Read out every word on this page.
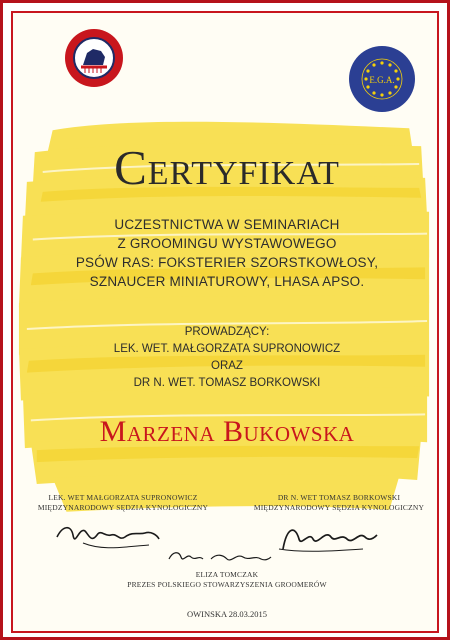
E.G.A.
Certyfikat
UCZESTNICTWA W SEMINARIACH
Z GROOMINGU WYSTAWOWEGO
PSÓW RAS: FOKSTERIER SZORSTKOWŁOSY,
SZNAUCER MINIATUROWY, LHASA APSO.
PROWADZĄCY:
LEK. WET. MAŁGORZATA SUPRONOWICZ
ORAZ
DR N. WET. TOMASZ BORKOWSKI
Marzena Bukowska
LEK. WET MAŁGORZATA SUPRONOWICZ
MIĘDZYNARODOWY SĘDZIA KYNOLOGICZNY
DR N. WET TOMASZ BORKOWSKI
MIĘDZYNARODOWY SĘDZIA KYNOLOGICZNY
ELIZA TOMCZAK
PREZES POLSKIEGO STOWARZYSZENIA GROOMERÓW
OWINSKA 28.03.2015
